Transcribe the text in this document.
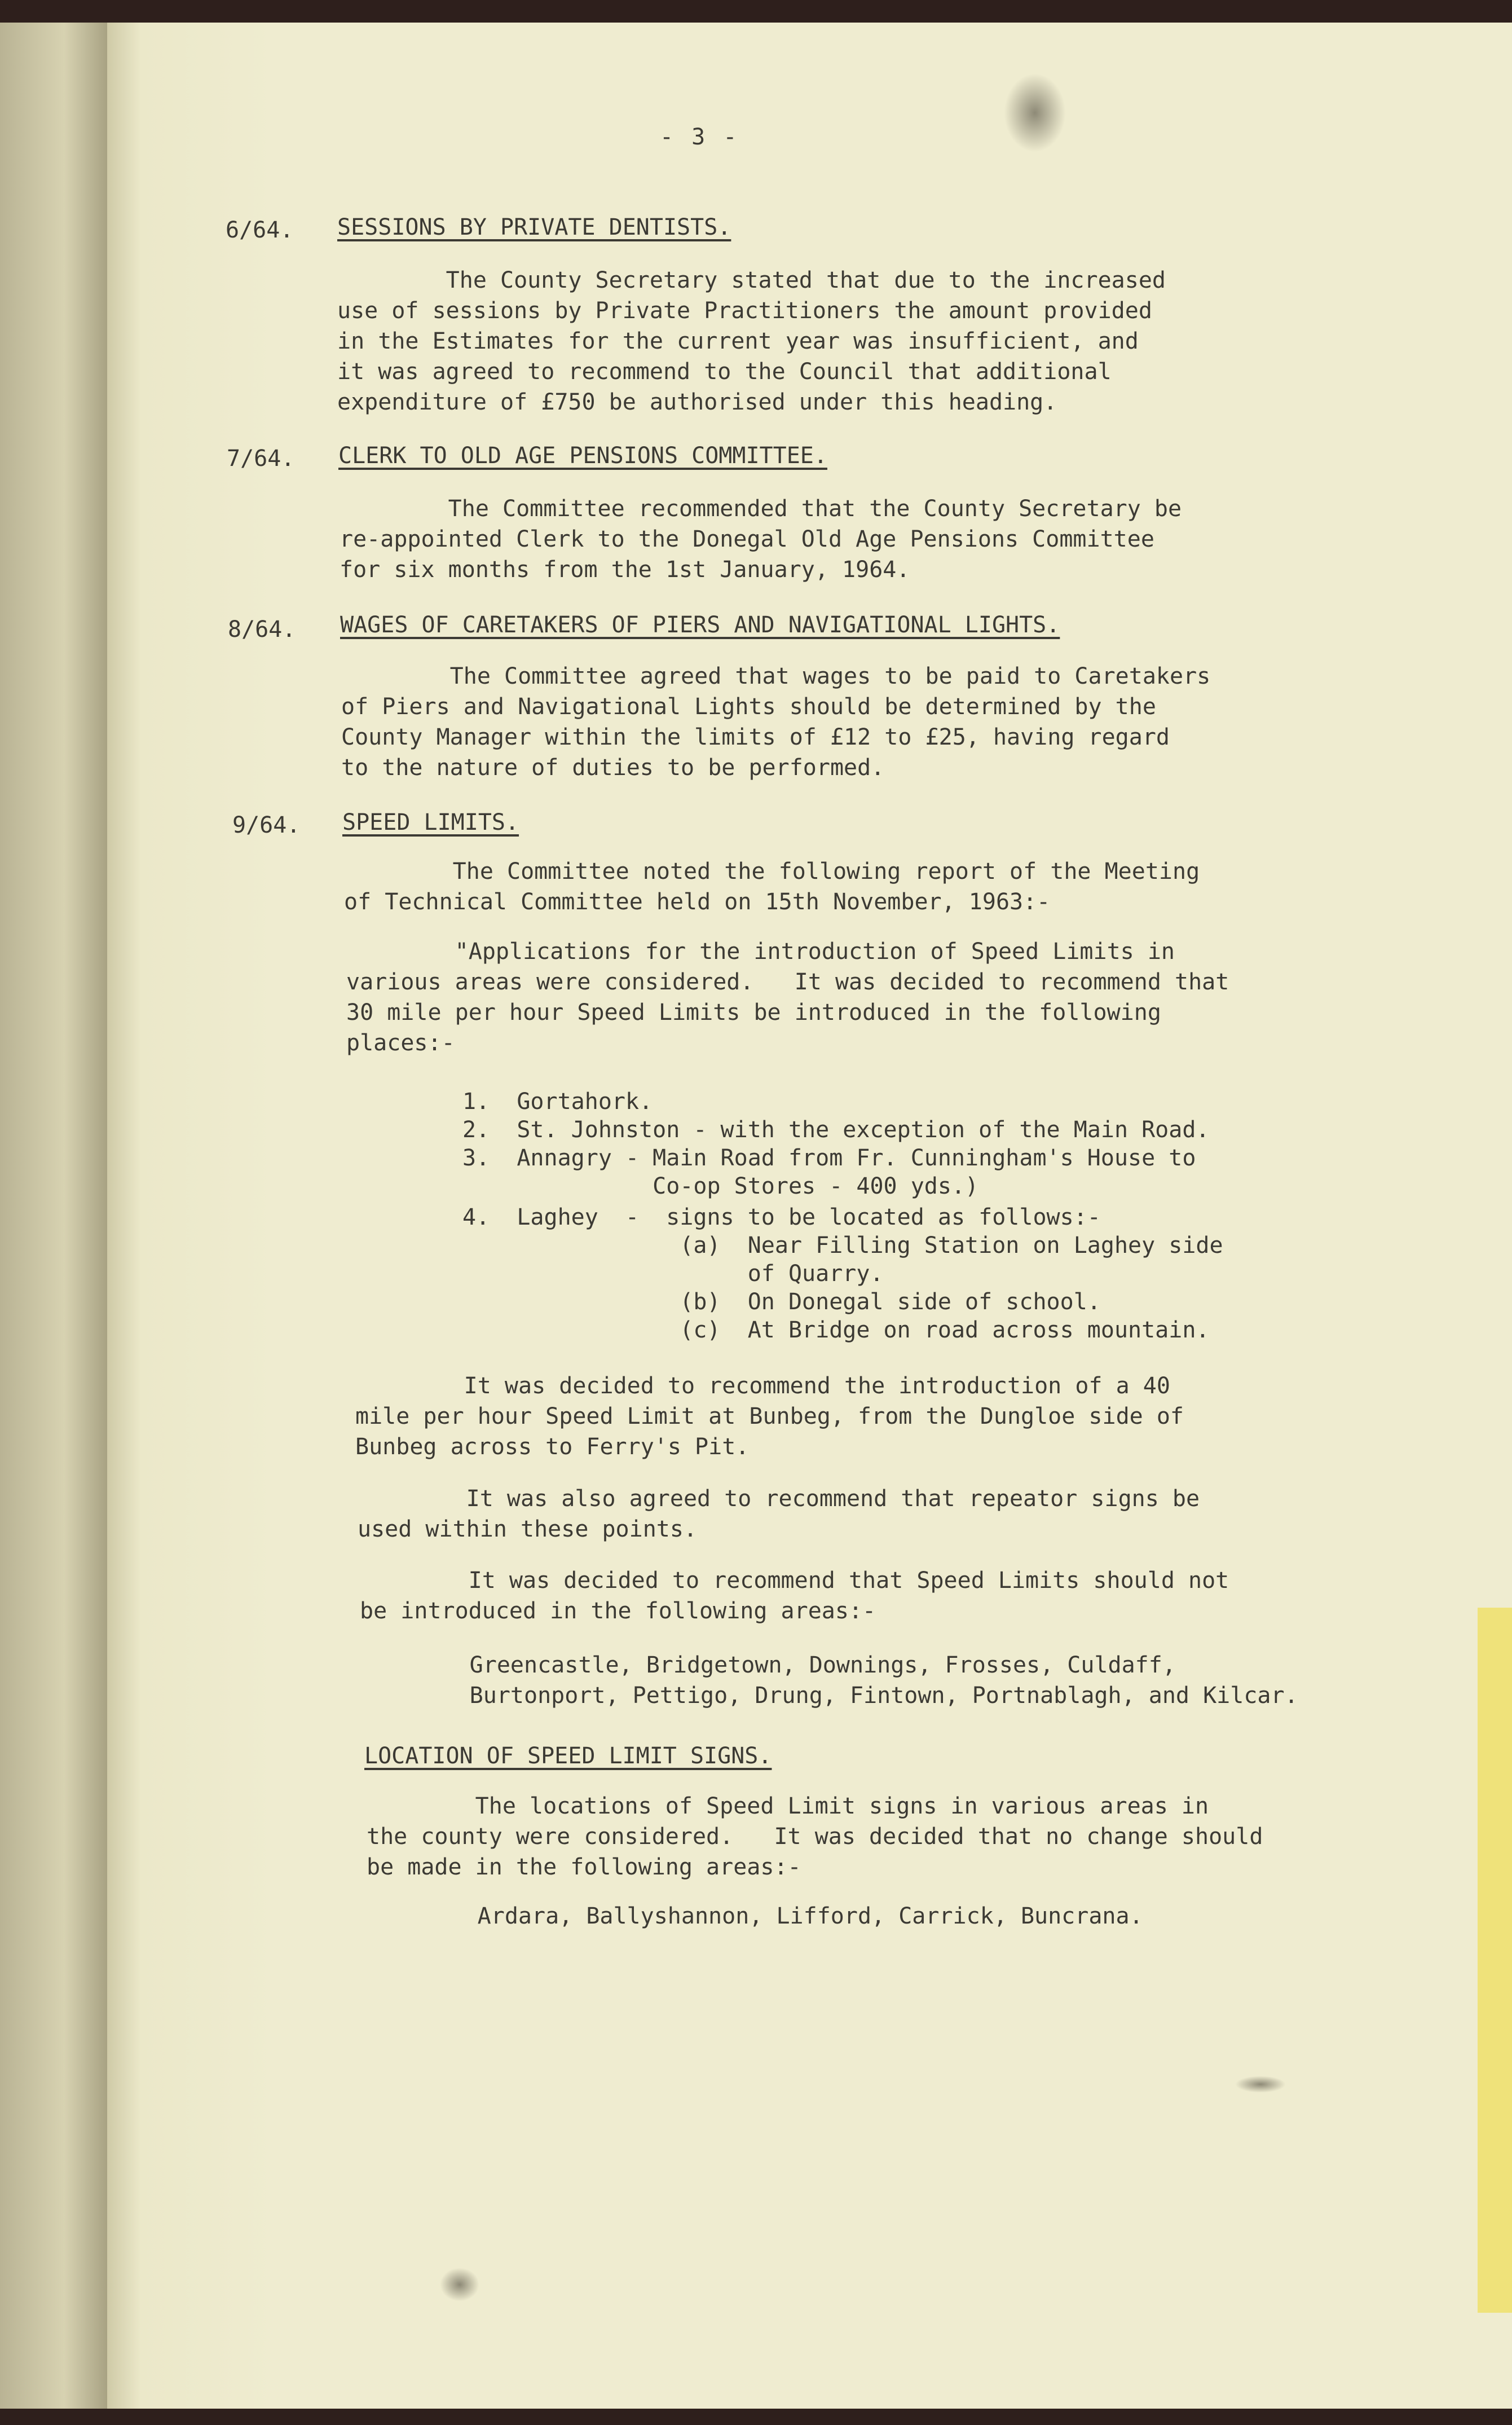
- 3 -
6/64. SESSIONS BY PRIVATE DENTISTS.
The County Secretary stated that due to the increased
use of sessions by Private Practitioners the amount provided
in the Estimates for the current year was insufficient, and
it was agreed to recommend to the Council that additional
expenditure of £750 be authorised under this heading.
7/64. CLERK TO OLD AGE PENSIONS COMMITTEE.
The Committee recommended that the County Secretary be
re-appointed Clerk to the Donegal Old Age Pensions Committee
for six months from the 1st January, 1964.
8/64. WAGES OF CARETAKERS OF PIERS AND NAVIGATIONAL LIGHTS.
The Committee agreed that wages to be paid to Caretakers
of Piers and Navigational Lights should be determined by the
County Manager within the limits of £12 to £25, having regard
to the nature of duties to be performed.
9/64. SPEED LIMITS.
The Committee noted the following report of the Meeting
of Technical Committee held on 15th November, 1963:-
"Applications for the introduction of Speed Limits in
various areas were considered.   It was decided to recommend that
30 mile per hour Speed Limits be introduced in the following
places:-
1.  Gortahork.
2.  St. Johnston - with the exception of the Main Road.
3.  Annagry - Main Road from Fr. Cunningham's House to
Co-op Stores - 400 yds.)
4.  Laghey  -  signs to be located as follows:-
(a)  Near Filling Station on Laghey side
of Quarry.
(b)  On Donegal side of school.
(c)  At Bridge on road across mountain.
It was decided to recommend the introduction of a 40
mile per hour Speed Limit at Bunbeg, from the Dungloe side of
Bunbeg across to Ferry's Pit.
It was also agreed to recommend that repeator signs be
used within these points.
It was decided to recommend that Speed Limits should not
be introduced in the following areas:-
Greencastle, Bridgetown, Downings, Frosses, Culdaff,
Burtonport, Pettigo, Drung, Fintown, Portnablagh, and Kilcar.
LOCATION OF SPEED LIMIT SIGNS.
The locations of Speed Limit signs in various areas in
the county were considered.   It was decided that no change should
be made in the following areas:-
Ardara, Ballyshannon, Lifford, Carrick, Buncrana.
